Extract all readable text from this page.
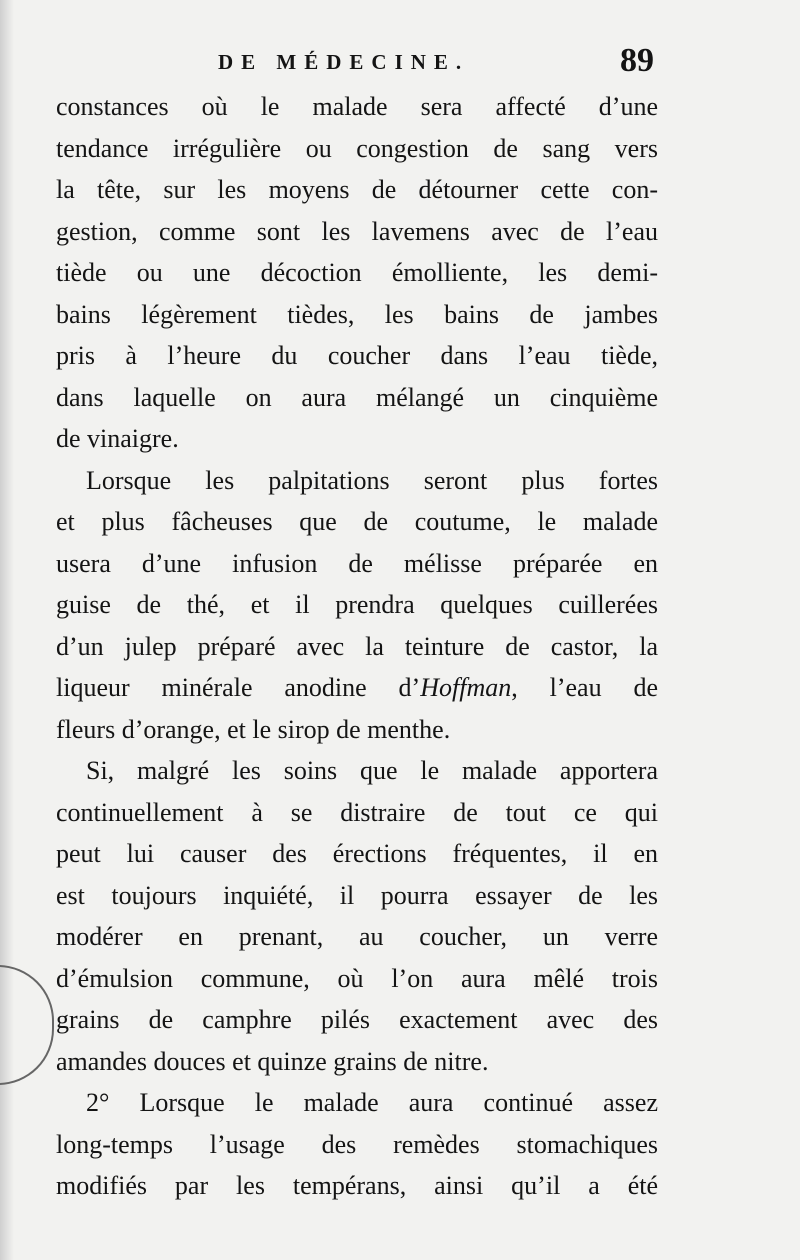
DE MÉDECINE.	89
constances où le malade sera affecté d’une
tendance irrégulière ou congestion de sang vers
la tête, sur les moyens de détourner cette con-
gestion, comme sont les lavemens avec de l’eau
tiède ou une décoction émolliente, les demi-
bains légèrement tièdes, les bains de jambes
pris à l’heure du coucher dans l’eau tiède,
dans laquelle on aura mélangé un cinquième
de vinaigre.
Lorsque les palpitations seront plus fortes
et plus fâcheuses que de coutume, le malade
usera d’une infusion de mélisse préparée en
guise de thé, et il prendra quelques cuillerées
d’un julep préparé avec la teinture de castor, la
liqueur minérale anodine d’Hoffman, l’eau de
fleurs d’orange, et le sirop de menthe.
Si, malgré les soins que le malade apportera
continuellement à se distraire de tout ce qui
peut lui causer des érections fréquentes, il en
est toujours inquiété, il pourra essayer de les
modérer en prenant, au coucher, un verre
d’émulsion commune, où l’on aura mêlé trois
grains de camphre pilés exactement avec des
amandes douces et quinze grains de nitre.
2° Lorsque le malade aura continué assez
long-temps l’usage des remèdes stomachiques
modifiés par les tempérans, ainsi qu’il a été
